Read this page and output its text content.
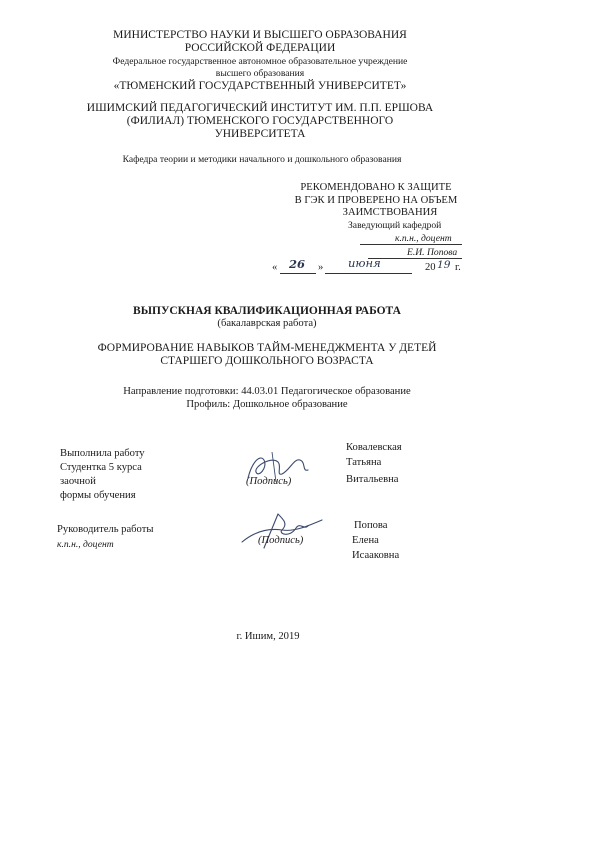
МИНИСТЕРСТВО НАУКИ И ВЫСШЕГО ОБРАЗОВАНИЯ
РОССИЙСКОЙ ФЕДЕРАЦИИ
Федеральное государственное автономное образовательное учреждение
высшего образования
«ТЮМЕНСКИЙ ГОСУДАРСТВЕННЫЙ УНИВЕРСИТЕТ»
ИШИМСКИЙ ПЕДАГОГИЧЕСКИЙ ИНСТИТУТ ИМ. П.П. ЕРШОВА
(ФИЛИАЛ) ТЮМЕНСКОГО ГОСУДАРСТВЕННОГО
УНИВЕРСИТЕТА
Кафедра теории и методики начального и дошкольного образования
РЕКОМЕНДОВАНО К ЗАЩИТЕ
В ГЭК И ПРОВЕРЕНО НА ОБЪЕМ
ЗАИМСТВОВАНИЯ
Заведующий кафедрой
к.п.н., доцент
Е.И. Попова
« 26 » июня	20 19 г.
ВЫПУСКНАЯ КВАЛИФИКАЦИОННАЯ РАБОТА
(бакалаврская работа)
ФОРМИРОВАНИЕ НАВЫКОВ ТАЙМ-МЕНЕДЖМЕНТА У ДЕТЕЙ
СТАРШЕГО ДОШКОЛЬНОГО ВОЗРАСТА
Направление подготовки: 44.03.01 Педагогическое образование
Профиль: Дошкольное образование
Выполнила работу
Студентка 5 курса
заочной
формы обучения
(Подпись)
Ковалевская
Татьяна
Витальевна
Руководитель работы
к.п.н., доцент	(Подпись)
Попова
Елена
Исааковна
г. Ишим, 2019
